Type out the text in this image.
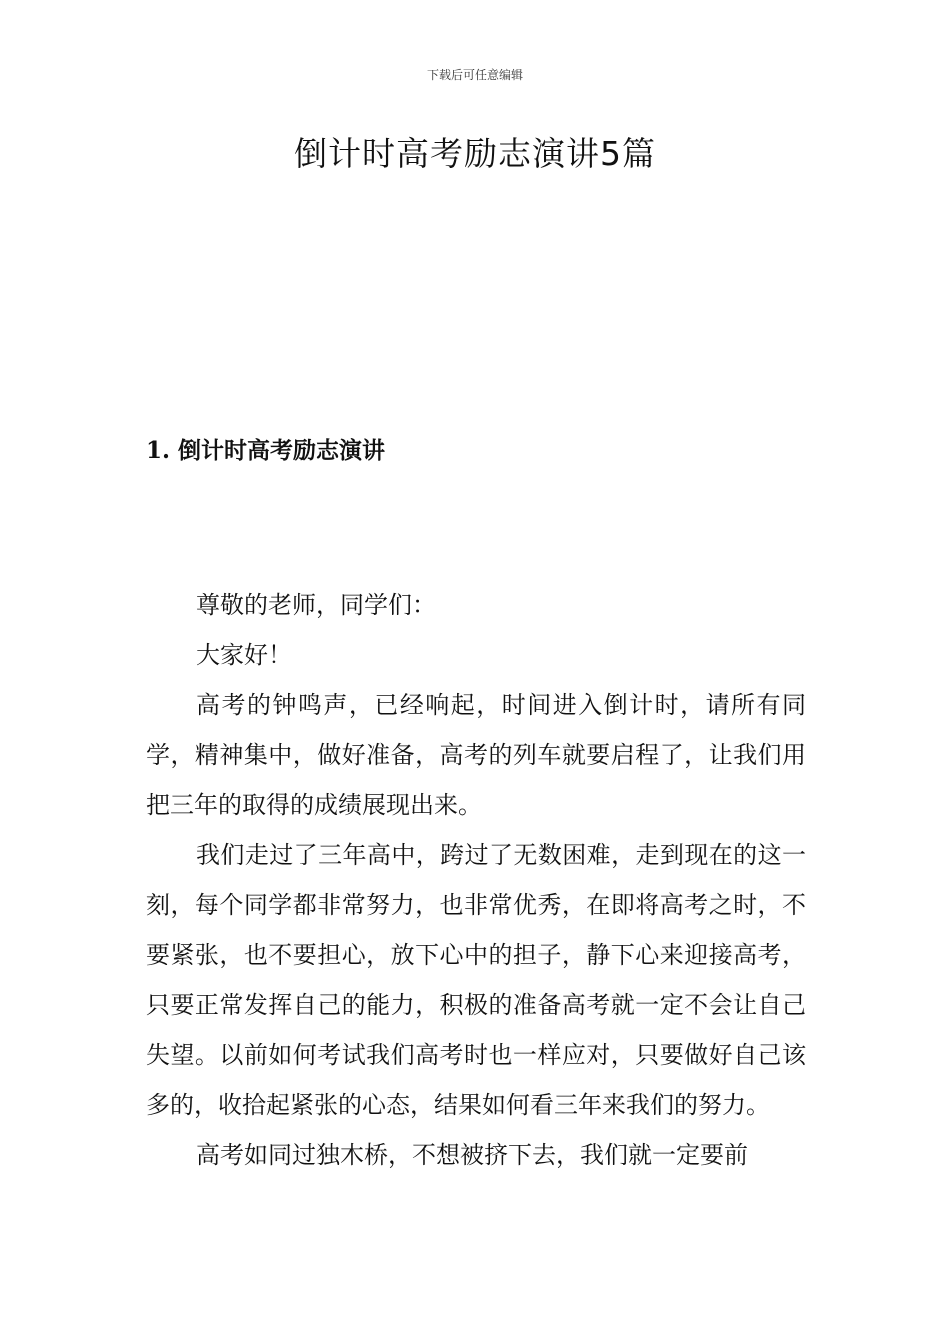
下载后可任意编辑
倒计时高考励志演讲5篇
1. 倒计时高考励志演讲

尊敬的老师，同学们：

大家好！

高考的钟鸣声，已经响起，时间进入倒计时，请所有同学，精神集中，做好准备，高考的列车就要启程了，让我们用把三年的取得的成绩展现出来。

我们走过了三年高中，跨过了无数困难，走到现在的这一刻，每个同学都非常努力，也非常优秀，在即将高考之时，不要紧张，也不要担心，放下心中的担子，静下心来迎接高考，只要正常发挥自己的能力，积极的准备高考就一定不会让自己失望。以前如何考试我们高考时也一样应对，只要做好自己该多的，收拾起紧张的心态，结果如何看三年来我们的努力。

高考如同过独木桥，不想被挤下去，我们就一定要前
